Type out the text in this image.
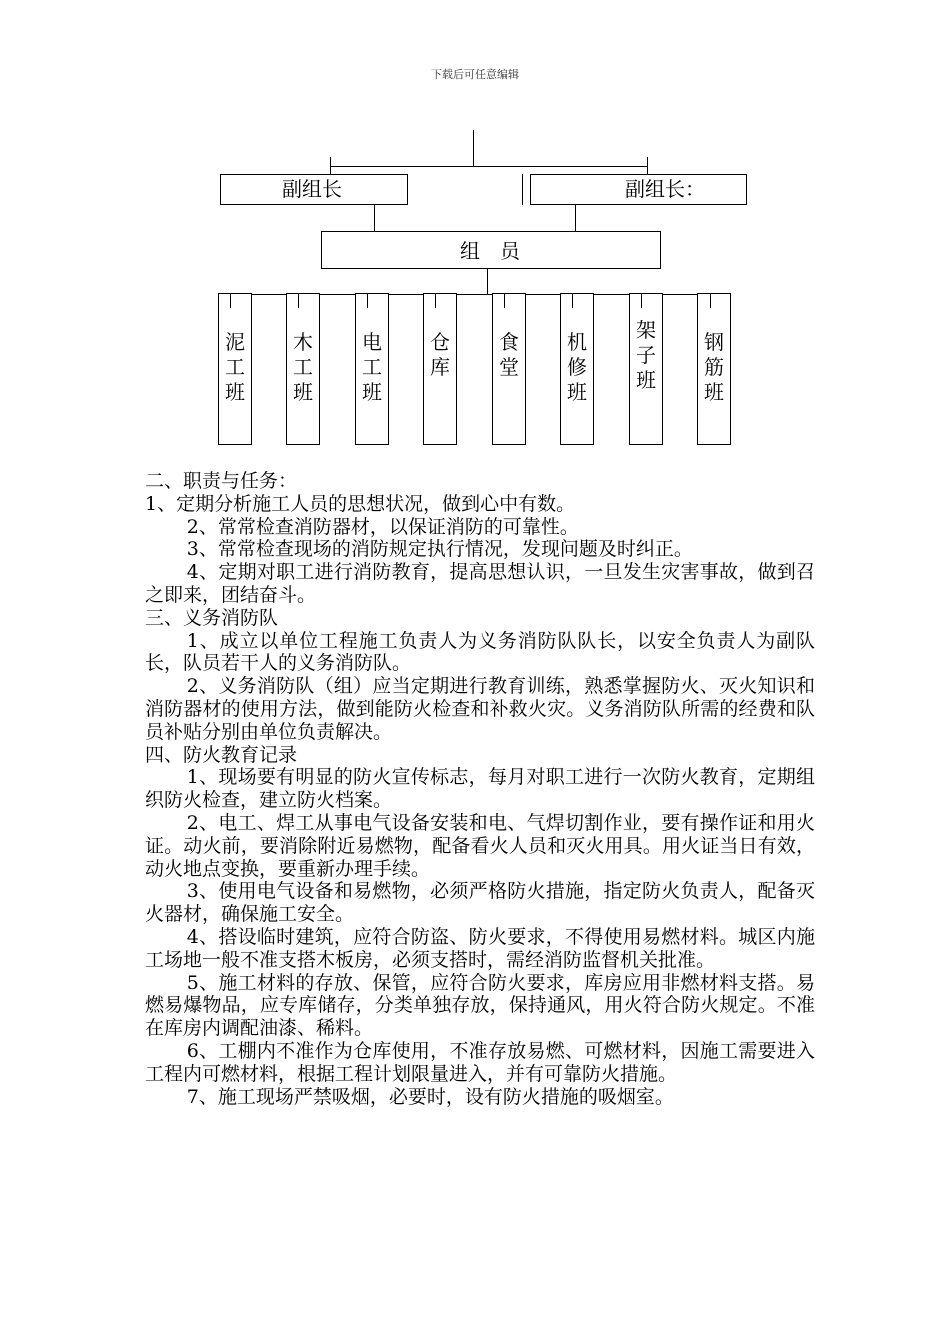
下载后可任意编辑
副组长	副组长：
组　员
泥
工
班
木
工
班
电
工
班
仓
库
食
堂
机
修
班
架
子
班
钢
筋
班

二、职责与任务：

1、定期分析施工人员的思想状况，做到心中有数。

2、常常检查消防器材，以保证消防的可靠性。

3、常常检查现场的消防规定执行情况，发现问题及时纠正。

4、定期对职工进行消防教育，提高思想认识，一旦发生灾害事故，做到召之即来，团结奋斗。

三、义务消防队

1、成立以单位工程施工负责人为义务消防队队长，以安全负责人为副队长，队员若干人的义务消防队。

2、义务消防队（组）应当定期进行教育训练，熟悉掌握防火、灭火知识和消防器材的使用方法，做到能防火检查和补救火灾。义务消防队所需的经费和队员补贴分别由单位负责解决。

四、防火教育记录

1、现场要有明显的防火宣传标志，每月对职工进行一次防火教育，定期组织防火检查，建立防火档案。

2、电工、焊工从事电气设备安装和电、气焊切割作业，要有操作证和用火证。动火前，要消除附近易燃物，配备看火人员和灭火用具。用火证当日有效，动火地点变换，要重新办理手续。

3、使用电气设备和易燃物，必须严格防火措施，指定防火负责人，配备灭火器材，确保施工安全。

4、搭设临时建筑，应符合防盗、防火要求，不得使用易燃材料。城区内施工场地一般不准支搭木板房，必须支搭时，需经消防监督机关批准。

5、施工材料的存放、保管，应符合防火要求，库房应用非燃材料支搭。易燃易爆物品，应专库储存，分类单独存放，保持通风，用火符合防火规定。不准在库房内调配油漆、稀料。

6、工棚内不准作为仓库使用，不准存放易燃、可燃材料，因施工需要进入工程内可燃材料，根据工程计划限量进入，并有可靠防火措施。

7、施工现场严禁吸烟，必要时，设有防火措施的吸烟室。
